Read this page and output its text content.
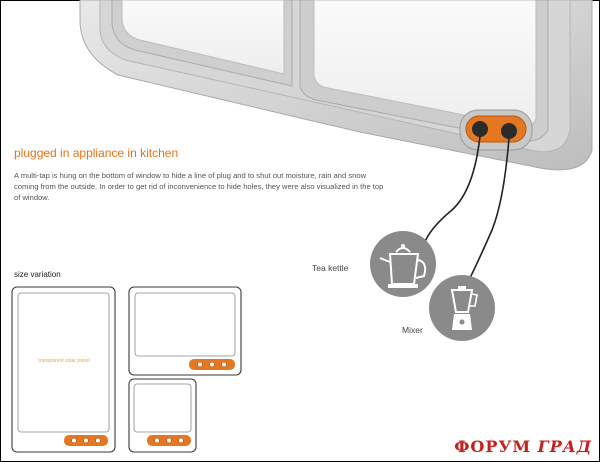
plugged in appliance in kitchen

A multi-tap is hung on the bottom of window to hide a line of plug and to shut out moisture, rain and snow coming from the outside. In order to get rid of inconvenience to hide holes, they were also visualized in the top of window.

size variation

transparent solar panel
Tea kettle
Mixer
ФОРУМ ГРАД
